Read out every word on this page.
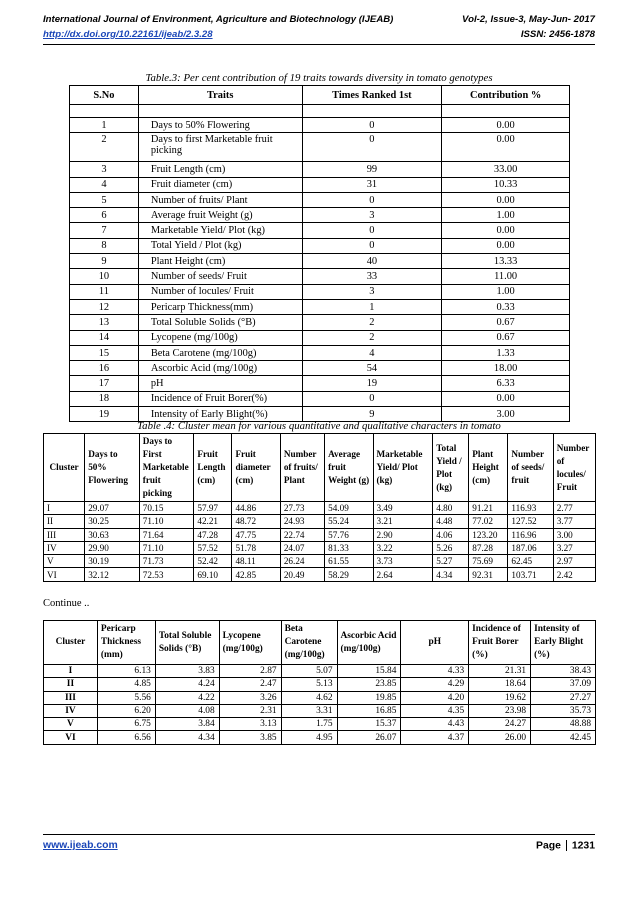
International Journal of Environment, Agriculture and Biotechnology (IJEAB)	Vol-2, Issue-3, May-Jun- 2017
http://dx.doi.org/10.22161/ijeab/2.3.28	ISSN: 2456-1878
Table.3: Per cent contribution of 19 traits towards diversity in tomato genotypes
S.No	Traits	Times Ranked 1st	Contribution %

1	Days to 50% Flowering	0	0.00
2	Days to first Marketable fruit picking	0	0.00
3	Fruit Length (cm)	99	33.00
4	Fruit diameter (cm)	31	10.33
5	Number of fruits/ Plant	0	0.00
6	Average fruit Weight (g)	3	1.00
7	Marketable Yield/ Plot (kg)	0	0.00
8	Total Yield / Plot (kg)	0	0.00
9	Plant Height (cm)	40	13.33
10	Number of seeds/ Fruit	33	11.00
11	Number of locules/ Fruit	3	1.00
12	Pericarp Thickness(mm)	1	0.33
13	Total Soluble Solids (°B)	2	0.67
14	Lycopene (mg/100g)	2	0.67
15	Beta Carotene (mg/100g)	4	1.33
16	Ascorbic Acid (mg/100g)	54	18.00
17	pH	19	6.33
18	Incidence of Fruit Borer(%)	0	0.00
19	Intensity of Early Blight(%)	9	3.00
Table .4: Cluster mean for various quantitative and qualitative characters in tomato
Cluster	Days to 50% Flowering	Days to First Marketable fruit picking	Fruit Length (cm)	Fruit diameter (cm)	Number of fruits/ Plant	Average fruit Weight (g)	Marketable Yield/ Plot (kg)	Total Yield / Plot (kg)	Plant Height (cm)	Number of seeds/ fruit	Number of locules/ Fruit
I	29.07	70.15	57.97	44.86	27.73	54.09	3.49	4.80	91.21	116.93	2.77
II	30.25	71.10	42.21	48.72	24.93	55.24	3.21	4.48	77.02	127.52	3.77
III	30.63	71.64	47.28	47.75	22.74	57.76	2.90	4.06	123.20	116.96	3.00
IV	29.90	71.10	57.52	51.78	24.07	81.33	3.22	5.26	87.28	187.06	3.27
V	30.19	71.73	52.42	48.11	26.24	61.55	3.73	5.27	75.69	62.45	2.97
VI	32.12	72.53	69.10	42.85	20.49	58.29	2.64	4.34	92.31	103.71	2.42
Continue ..
Cluster	Pericarp Thickness (mm)	Total Soluble Solids (°B)	Lycopene (mg/100g)	Beta Carotene (mg/100g)	Ascorbic Acid (mg/100g)	pH	Incidence of Fruit Borer (%)	Intensity of Early Blight (%)
I	6.13	3.83	2.87	5.07	15.84	4.33	21.31	38.43
II	4.85	4.24	2.47	5.13	23.85	4.29	18.64	37.09
III	5.56	4.22	3.26	4.62	19.85	4.20	19.62	27.27
IV	6.20	4.08	2.31	3.31	16.85	4.35	23.98	35.73
V	6.75	3.84	3.13	1.75	15.37	4.43	24.27	48.88
VI	6.56	4.34	3.85	4.95	26.07	4.37	26.00	42.45
www.ijeab.com	Page 1231
